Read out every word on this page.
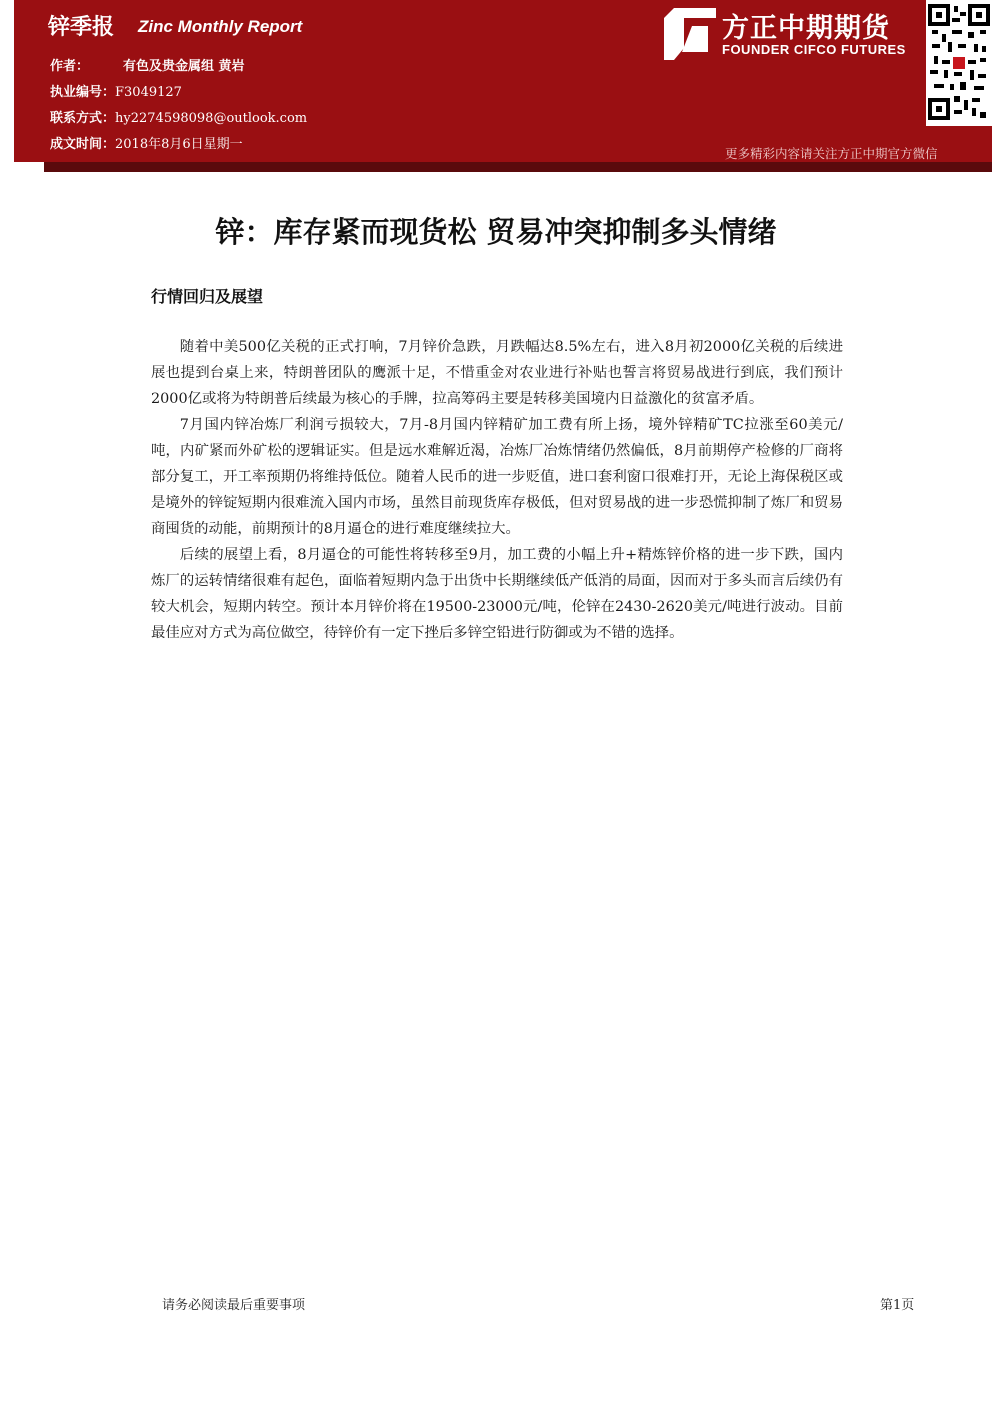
锌季报 Zinc Monthly Report
作者：	有色及贵金属组 黄岩
执业编号：F3049127
联系方式：hy2274598098@outlook.com
成文时间：2018年8月6日星期一
方正中期期货
FOUNDER CIFCO FUTURES
更多精彩内容请关注方正中期官方微信
锌：库存紧而现货松 贸易冲突抑制多头情绪
行情回归及展望

随着中美500亿关税的正式打响，7月锌价急跌，月跌幅达8.5%左右，进入8月初2000亿关税的后续进展也提到台桌上来，特朗普团队的鹰派十足，不惜重金对农业进行补贴也誓言将贸易战进行到底，我们预计2000亿或将为特朗普后续最为核心的手牌，拉高筹码主要是转移美国境内日益激化的贫富矛盾。

7月国内锌冶炼厂利润亏损较大，7月-8月国内锌精矿加工费有所上扬，境外锌精矿TC拉涨至60美元/吨，内矿紧而外矿松的逻辑证实。但是远水难解近渴，冶炼厂冶炼情绪仍然偏低，8月前期停产检修的厂商将部分复工，开工率预期仍将维持低位。随着人民币的进一步贬值，进口套利窗口很难打开，无论上海保税区或是境外的锌锭短期内很难流入国内市场，虽然目前现货库存极低，但对贸易战的进一步恐慌抑制了炼厂和贸易商囤货的动能，前期预计的8月逼仓的进行难度继续拉大。

后续的展望上看，8月逼仓的可能性将转移至9月，加工费的小幅上升+精炼锌价格的进一步下跌，国内炼厂的运转情绪很难有起色，面临着短期内急于出货中长期继续低产低消的局面，因而对于多头而言后续仍有较大机会，短期内转空。预计本月锌价将在19500-23000元/吨，伦锌在2430-2620美元/吨进行波动。目前最佳应对方式为高位做空，待锌价有一定下挫后多锌空铅进行防御或为不错的选择。

请务必阅读最后重要事项	第1页
